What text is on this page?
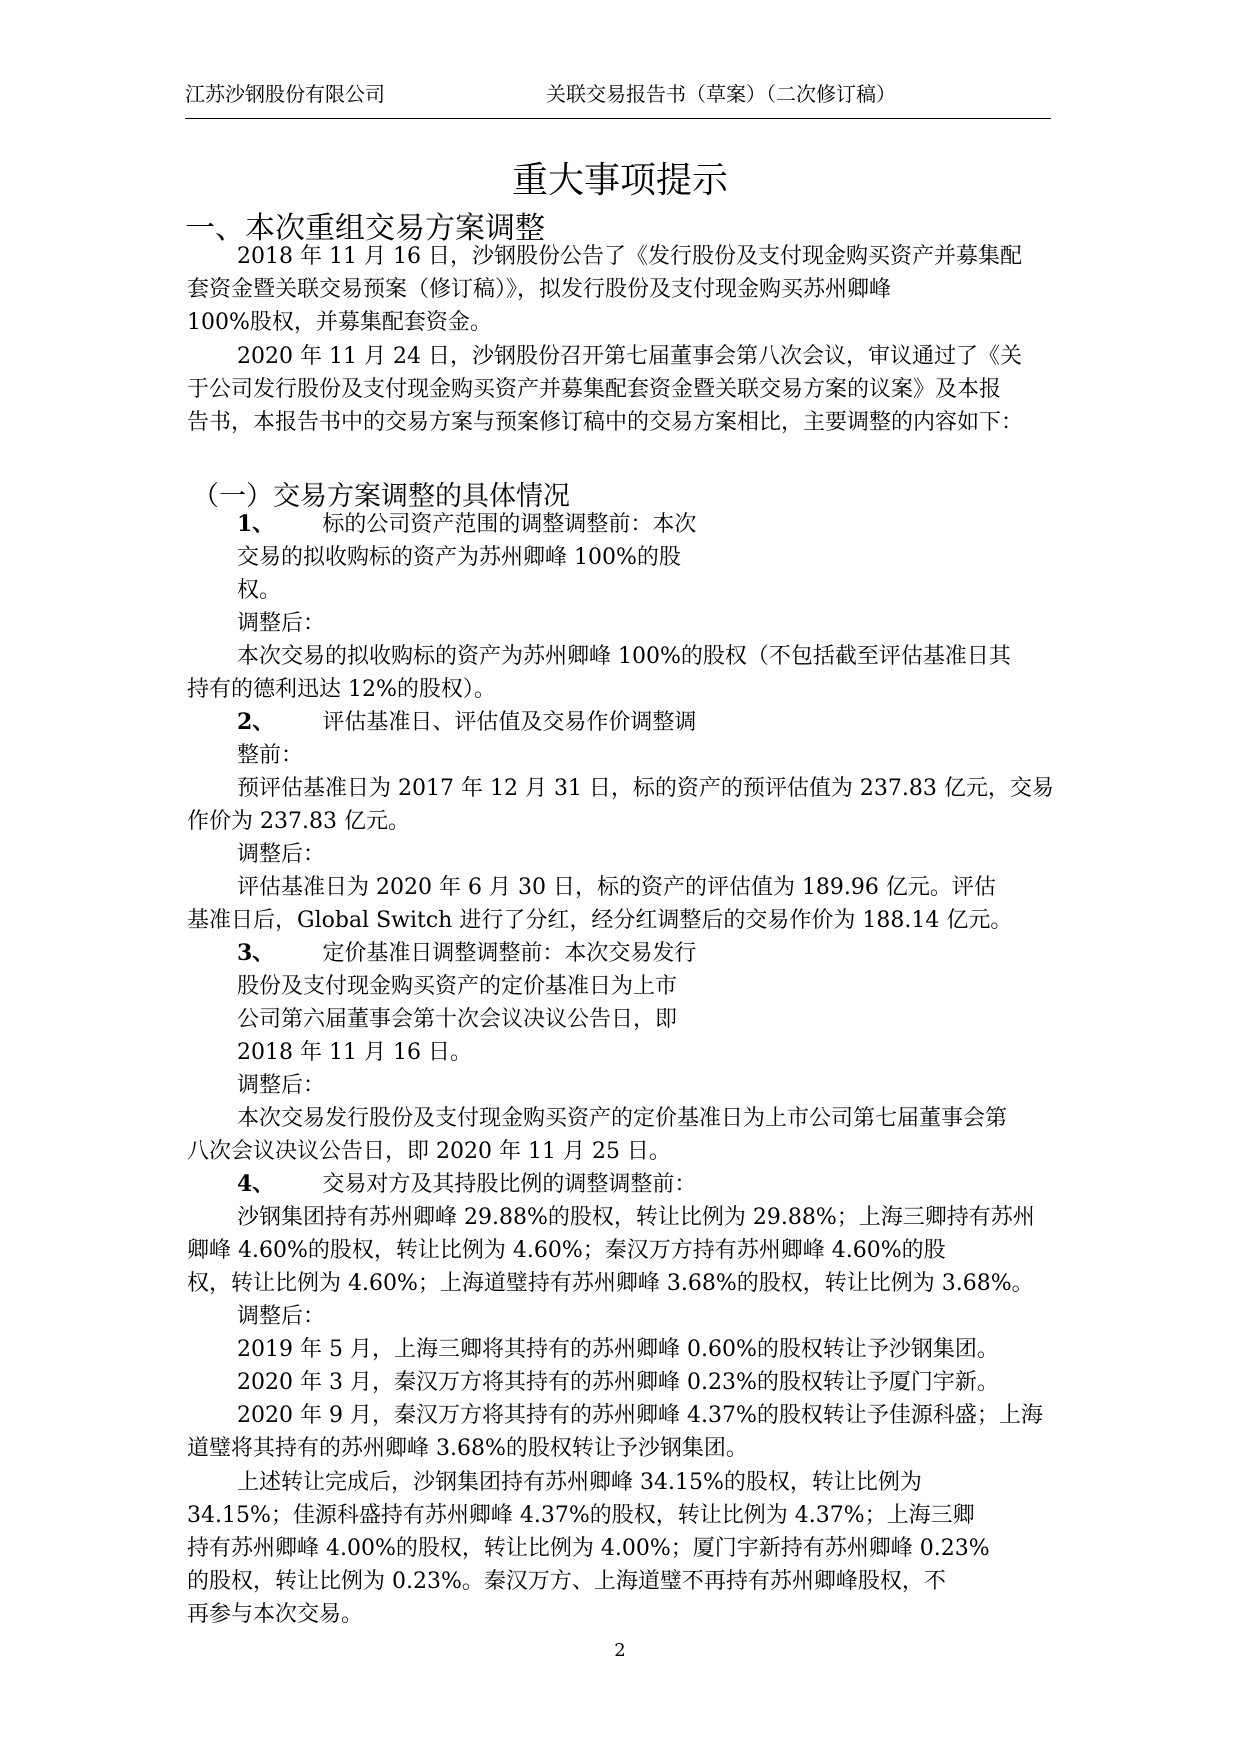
江苏沙钢股份有限公司	关联交易报告书（草案）（二次修订稿）
重大事项提示
一、本次重组交易方案调整
2018 年 11 月 16 日，沙钢股份公告了《发行股份及支付现金购买资产并募集配
套资金暨关联交易预案（修订稿）》，拟发行股份及支付现金购买苏州卿峰
100%股权，并募集配套资金。
2020 年 11 月 24 日，沙钢股份召开第七届董事会第八次会议，审议通过了《关
于公司发行股份及支付现金购买资产并募集配套资金暨关联交易方案的议案》及本报
告书，本报告书中的交易方案与预案修订稿中的交易方案相比，主要调整的内容如下：
（一）交易方案调整的具体情况
1、 标的公司资产范围的调整调整前：本次
交易的拟收购标的资产为苏州卿峰 100%的股
权。
调整后：
本次交易的拟收购标的资产为苏州卿峰 100%的股权（不包括截至评估基准日其
持有的德利迅达 12%的股权）。
2、 评估基准日、评估值及交易作价调整调
整前：
预评估基准日为 2017 年 12 月 31 日，标的资产的预评估值为 237.83 亿元，交易
作价为 237.83 亿元。
调整后：
评估基准日为 2020 年 6 月 30 日，标的资产的评估值为 189.96 亿元。评估
基准日后，Global Switch 进行了分红，经分红调整后的交易作价为 188.14 亿元。
3、 定价基准日调整调整前：本次交易发行
股份及支付现金购买资产的定价基准日为上市
公司第六届董事会第十次会议决议公告日，即
2018 年 11 月 16 日。
调整后：
本次交易发行股份及支付现金购买资产的定价基准日为上市公司第七届董事会第
八次会议决议公告日，即 2020 年 11 月 25 日。
4、 交易对方及其持股比例的调整调整前：
沙钢集团持有苏州卿峰 29.88%的股权，转让比例为 29.88%；上海三卿持有苏州
卿峰 4.60%的股权，转让比例为 4.60%；秦汉万方持有苏州卿峰 4.60%的股
权，转让比例为 4.60%；上海道璧持有苏州卿峰 3.68%的股权，转让比例为 3.68%。
调整后：
2019 年 5 月，上海三卿将其持有的苏州卿峰 0.60%的股权转让予沙钢集团。
2020 年 3 月，秦汉万方将其持有的苏州卿峰 0.23%的股权转让予厦门宇新。
2020 年 9 月，秦汉万方将其持有的苏州卿峰 4.37%的股权转让予佳源科盛；上海
道璧将其持有的苏州卿峰 3.68%的股权转让予沙钢集团。
上述转让完成后，沙钢集团持有苏州卿峰 34.15%的股权，转让比例为
34.15%；佳源科盛持有苏州卿峰 4.37%的股权，转让比例为 4.37%；上海三卿
持有苏州卿峰 4.00%的股权，转让比例为 4.00%；厦门宇新持有苏州卿峰 0.23%
的股权，转让比例为 0.23%。秦汉万方、上海道璧不再持有苏州卿峰股权，不
再参与本次交易。
2
